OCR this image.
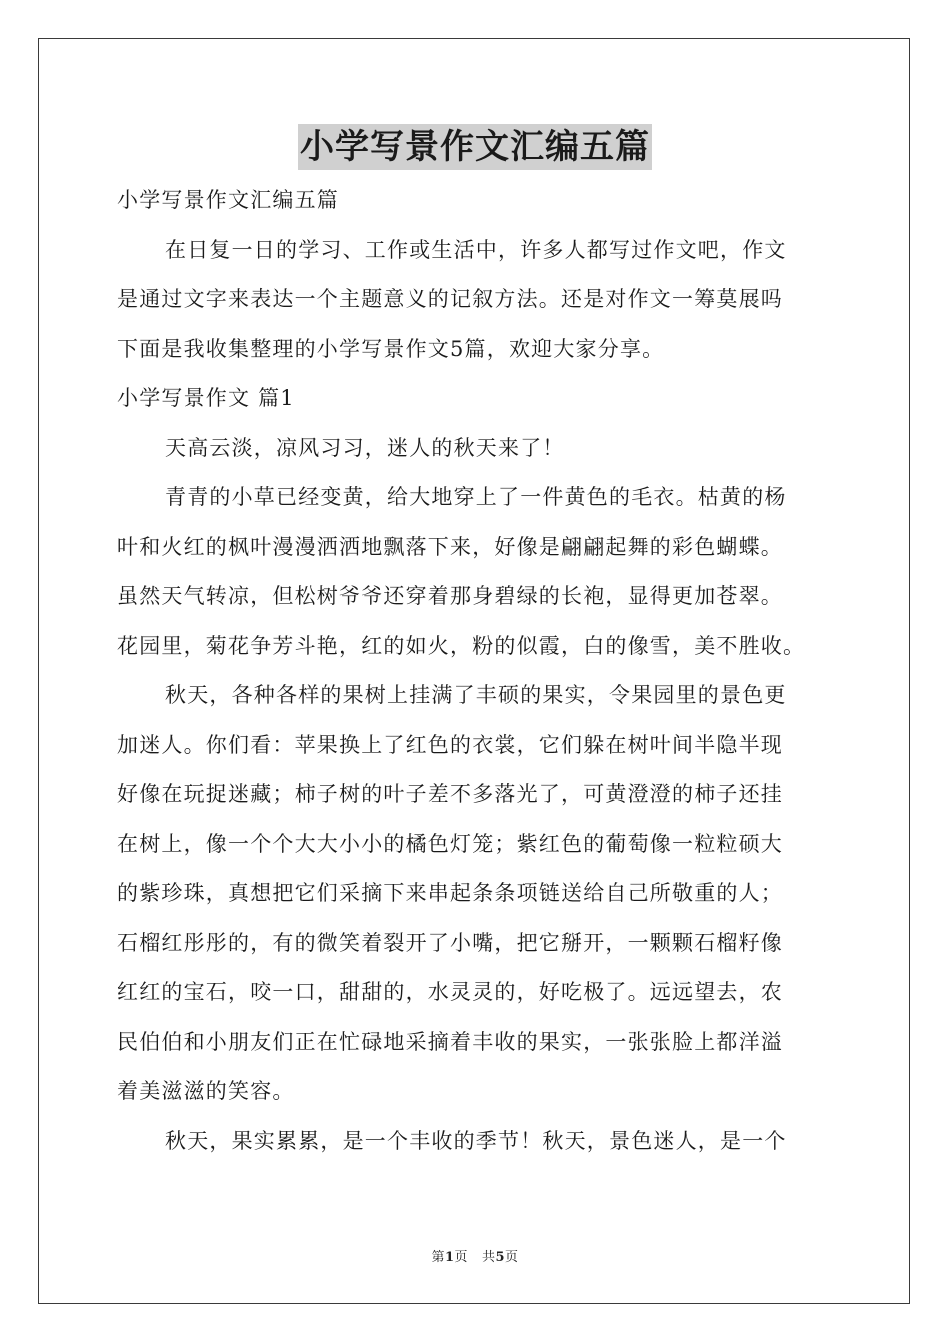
小学写景作文汇编五篇
小学写景作文汇编五篇
在日复一日的学习、工作或生活中，许多人都写过作文吧，作文
是通过文字来表达一个主题意义的记叙方法。还是对作文一筹莫展吗
下面是我收集整理的小学写景作文5篇，欢迎大家分享。
小学写景作文 篇1
天高云淡，凉风习习，迷人的秋天来了！
青青的小草已经变黄，给大地穿上了一件黄色的毛衣。枯黄的杨
叶和火红的枫叶漫漫洒洒地飘落下来，好像是翩翩起舞的彩色蝴蝶。
虽然天气转凉，但松树爷爷还穿着那身碧绿的长袍，显得更加苍翠。
花园里，菊花争芳斗艳，红的如火，粉的似霞，白的像雪，美不胜收。
秋天，各种各样的果树上挂满了丰硕的果实，令果园里的景色更
加迷人。你们看：苹果换上了红色的衣裳，它们躲在树叶间半隐半现
好像在玩捉迷藏；柿子树的叶子差不多落光了，可黄澄澄的柿子还挂
在树上，像一个个大大小小的橘色灯笼；紫红色的葡萄像一粒粒硕大
的紫珍珠，真想把它们采摘下来串起条条项链送给自己所敬重的人；
石榴红彤彤的，有的微笑着裂开了小嘴，把它掰开，一颗颗石榴籽像
红红的宝石，咬一口，甜甜的，水灵灵的，好吃极了。远远望去，农
民伯伯和小朋友们正在忙碌地采摘着丰收的果实，一张张脸上都洋溢
着美滋滋的笑容。
秋天，果实累累，是一个丰收的季节！秋天，景色迷人，是一个
第1页 共5页
